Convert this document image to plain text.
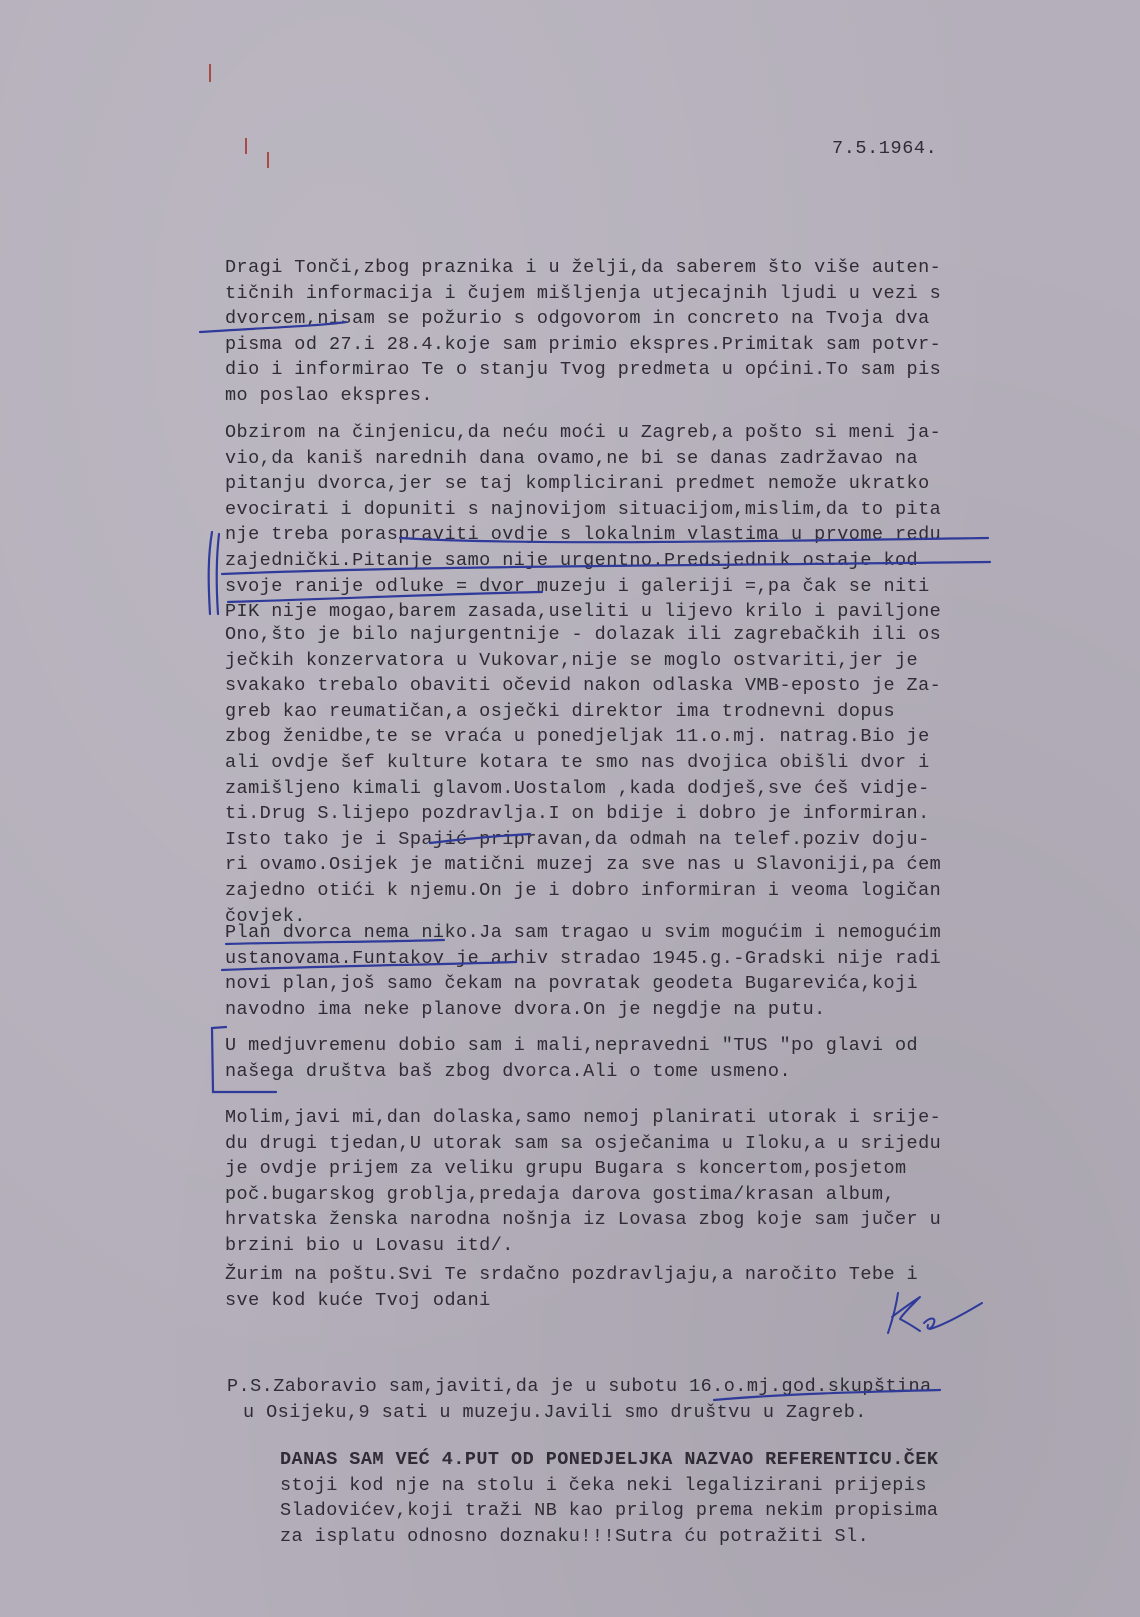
7.5.1964.
Dragi Tonči,zbog praznika i u želji,da saberem što više auten-
tičnih informacija i čujem mišljenja utjecajnih ljudi u vezi s
dvorcem,nisam se požurio s odgovorom in concreto na Tvoja dva
pisma od 27.i 28.4.koje sam primio ekspres.Primitak sam potvr-
dio i informirao Te o stanju Tvog predmeta u općini.To sam pis
mo poslao ekspres.
Obzirom na činjenicu,da neću moći u Zagreb,a pošto si meni ja-
vio,da kaniš narednih dana ovamo,ne bi se danas zadržavao na
pitanju dvorca,jer se taj komplicirani predmet nemože ukratko
evocirati i dopuniti s najnovijom situacijom,mislim,da to pita
nje treba poraspraviti ovdje s lokalnim vlastima u prvome redu
zajednički.Pitanje samo nije urgentno.Predsjednik ostaje kod
svoje ranije odluke = dvor muzeju i galeriji =,pa čak se niti
PIK nije mogao,barem zasada,useliti u lijevo krilo i paviljone
Ono,što je bilo najurgentnije - dolazak ili zagrebačkih ili os
ječkih konzervatora u Vukovar,nije se moglo ostvariti,jer je
svakako trebalo obaviti očevid nakon odlaska VMB-eposto je Za-
greb kao reumatičan,a osječki direktor ima trodnevni dopus
zbog ženidbe,te se vraća u ponedjeljak 11.o.mj. natrag.Bio je
ali ovdje šef kulture kotara te smo nas dvojica obišli dvor i
zamišljeno kimali glavom.Uostalom ,kada dodješ,sve ćeš vidje-
ti.Drug S.lijepo pozdravlja.I on bdije i dobro je informiran.
Isto tako je i Spajić pripravan,da odmah na telef.poziv doju-
ri ovamo.Osijek je matični muzej za sve nas u Slavoniji,pa ćem
zajedno otići k njemu.On je i dobro informiran i veoma logičan
čovjek.
Plan dvorca nema niko.Ja sam tragao u svim mogućim i nemogućim
ustanovama.Funtakov je arhiv stradao 1945.g.-Gradski nije radi
novi plan,još samo čekam na povratak geodeta Bugarevića,koji
navodno ima neke planove dvora.On je negdje na putu.
U medjuvremenu dobio sam i mali,nepravedni "TUS "po glavi od
našega društva baš zbog dvorca.Ali o tome usmeno.
Molim,javi mi,dan dolaska,samo nemoj planirati utorak i srije-
du drugi tjedan,U utorak sam sa osječanima u Iloku,a u srijedu
je ovdje prijem za veliku grupu Bugara s koncertom,posjetom
poč.bugarskog groblja,predaja darova gostima/krasan album,
hrvatska ženska narodna nošnja iz Lovasa zbog koje sam jučer u
brzini bio u Lovasu itd/.
Žurim na poštu.Svi Te srdačno pozdravljaju,a naročito Tebe i
sve kod kuće Tvoj odani
P.S.Zaboravio sam,javiti,da je u subotu 16.o.mj.god.skupština
u Osijeku,9 sati u muzeju.Javili smo društvu u Zagreb.
DANAS SAM VEĆ 4.PUT OD PONEDJELJKA NAZVAO REFERENTICU.ČEK
stoji kod nje na stolu i čeka neki legalizirani prijepis
Sladovićev,koji traži NB kao prilog prema nekim propisima
za isplatu odnosno doznaku!!!Sutra ću potražiti Sl.
